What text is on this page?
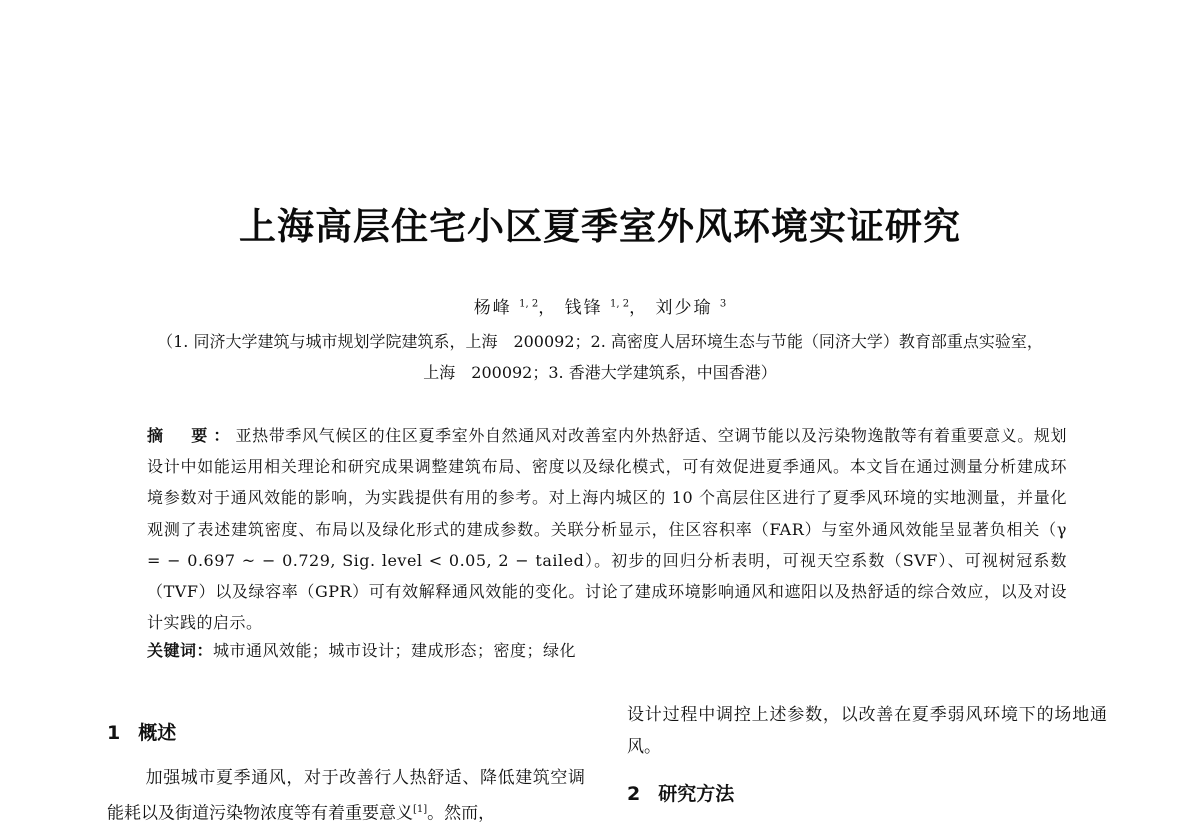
上海高层住宅小区夏季室外风环境实证研究
杨峰 $^{1, 2}$， 钱锋 $^{1, 2}$， 刘少瑜 $^3$
（1. 同济大学建筑与城市规划学院建筑系，上海　200092；2. 高密度人居环境生态与节能（同济大学）教育部重点实验室，
上海　200092；3. 香港大学建筑系，中国香港）
摘　要：亚热带季风气候区的住区夏季室外自然通风对改善室内外热舒适、空调节能以及污染物逸散等有着重要意义。规划设计中如能运用相关理论和研究成果调整建筑布局、密度以及绿化模式，可有效促进夏季通风。本文旨在通过测量分析建成环境参数对于通风效能的影响，为实践提供有用的参考。对上海内城区的 10 个高层住区进行了夏季风环境的实地测量，并量化观测了表述建筑密度、布局以及绿化形式的建成参数。关联分析显示，住区容积率（FAR）与室外通风效能呈显著负相关（γ = − 0.697 ~ − 0.729, Sig. level < 0.05, 2 − tailed）。初步的回归分析表明，可视天空系数（SVF）、可视树冠系数（TVF）以及绿容率（GPR）可有效解释通风效能的变化。讨论了建成环境影响通风和遮阳以及热舒适的综合效应，以及对设计实践的启示。
关键词：城市通风效能；城市设计；建成形态；密度；绿化
1 概述
加强城市夏季通风，对于改善行人热舒适、降低建筑空调能耗以及街道污染物浓度等有着重要意义[1]。然而，
设计过程中调控上述参数，以改善在夏季弱风环境下的场地通风。
2 研究方法
